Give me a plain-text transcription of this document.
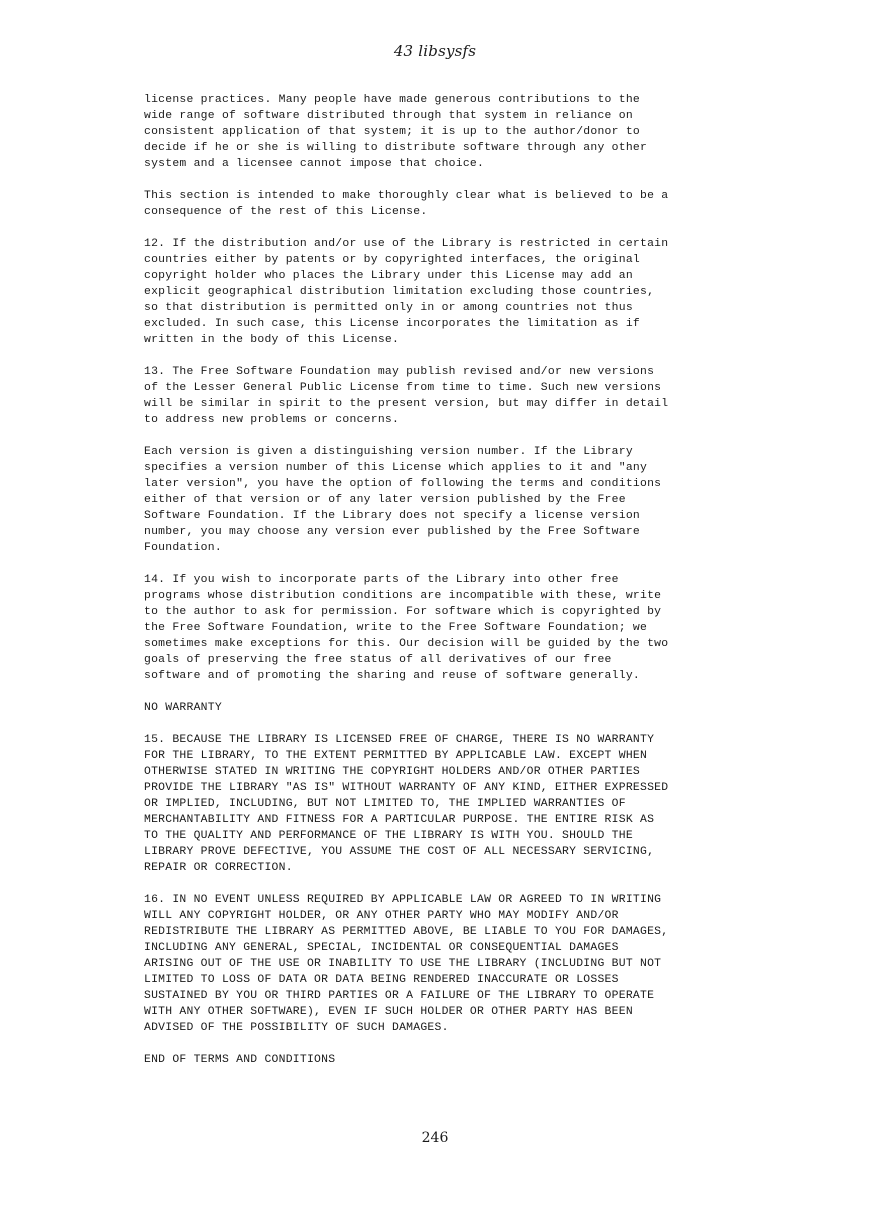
43 libsysfs

license practices. Many people have made generous contributions to the
wide range of software distributed through that system in reliance on
consistent application of that system; it is up to the author/donor to
decide if he or she is willing to distribute software through any other
system and a licensee cannot impose that choice.

This section is intended to make thoroughly clear what is believed to be a
consequence of the rest of this License.

12. If the distribution and/or use of the Library is restricted in certain
countries either by patents or by copyrighted interfaces, the original
copyright holder who places the Library under this License may add an
explicit geographical distribution limitation excluding those countries,
so that distribution is permitted only in or among countries not thus
excluded. In such case, this License incorporates the limitation as if
written in the body of this License.

13. The Free Software Foundation may publish revised and/or new versions
of the Lesser General Public License from time to time. Such new versions
will be similar in spirit to the present version, but may differ in detail
to address new problems or concerns.

Each version is given a distinguishing version number. If the Library
specifies a version number of this License which applies to it and "any
later version", you have the option of following the terms and conditions
either of that version or of any later version published by the Free
Software Foundation. If the Library does not specify a license version
number, you may choose any version ever published by the Free Software
Foundation.

14. If you wish to incorporate parts of the Library into other free
programs whose distribution conditions are incompatible with these, write
to the author to ask for permission. For software which is copyrighted by
the Free Software Foundation, write to the Free Software Foundation; we
sometimes make exceptions for this. Our decision will be guided by the two
goals of preserving the free status of all derivatives of our free
software and of promoting the sharing and reuse of software generally.

NO WARRANTY

15. BECAUSE THE LIBRARY IS LICENSED FREE OF CHARGE, THERE IS NO WARRANTY
FOR THE LIBRARY, TO THE EXTENT PERMITTED BY APPLICABLE LAW. EXCEPT WHEN
OTHERWISE STATED IN WRITING THE COPYRIGHT HOLDERS AND/OR OTHER PARTIES
PROVIDE THE LIBRARY "AS IS" WITHOUT WARRANTY OF ANY KIND, EITHER EXPRESSED
OR IMPLIED, INCLUDING, BUT NOT LIMITED TO, THE IMPLIED WARRANTIES OF
MERCHANTABILITY AND FITNESS FOR A PARTICULAR PURPOSE. THE ENTIRE RISK AS
TO THE QUALITY AND PERFORMANCE OF THE LIBRARY IS WITH YOU. SHOULD THE
LIBRARY PROVE DEFECTIVE, YOU ASSUME THE COST OF ALL NECESSARY SERVICING,
REPAIR OR CORRECTION.

16. IN NO EVENT UNLESS REQUIRED BY APPLICABLE LAW OR AGREED TO IN WRITING
WILL ANY COPYRIGHT HOLDER, OR ANY OTHER PARTY WHO MAY MODIFY AND/OR
REDISTRIBUTE THE LIBRARY AS PERMITTED ABOVE, BE LIABLE TO YOU FOR DAMAGES,
INCLUDING ANY GENERAL, SPECIAL, INCIDENTAL OR CONSEQUENTIAL DAMAGES
ARISING OUT OF THE USE OR INABILITY TO USE THE LIBRARY (INCLUDING BUT NOT
LIMITED TO LOSS OF DATA OR DATA BEING RENDERED INACCURATE OR LOSSES
SUSTAINED BY YOU OR THIRD PARTIES OR A FAILURE OF THE LIBRARY TO OPERATE
WITH ANY OTHER SOFTWARE), EVEN IF SUCH HOLDER OR OTHER PARTY HAS BEEN
ADVISED OF THE POSSIBILITY OF SUCH DAMAGES.

END OF TERMS AND CONDITIONS

246
